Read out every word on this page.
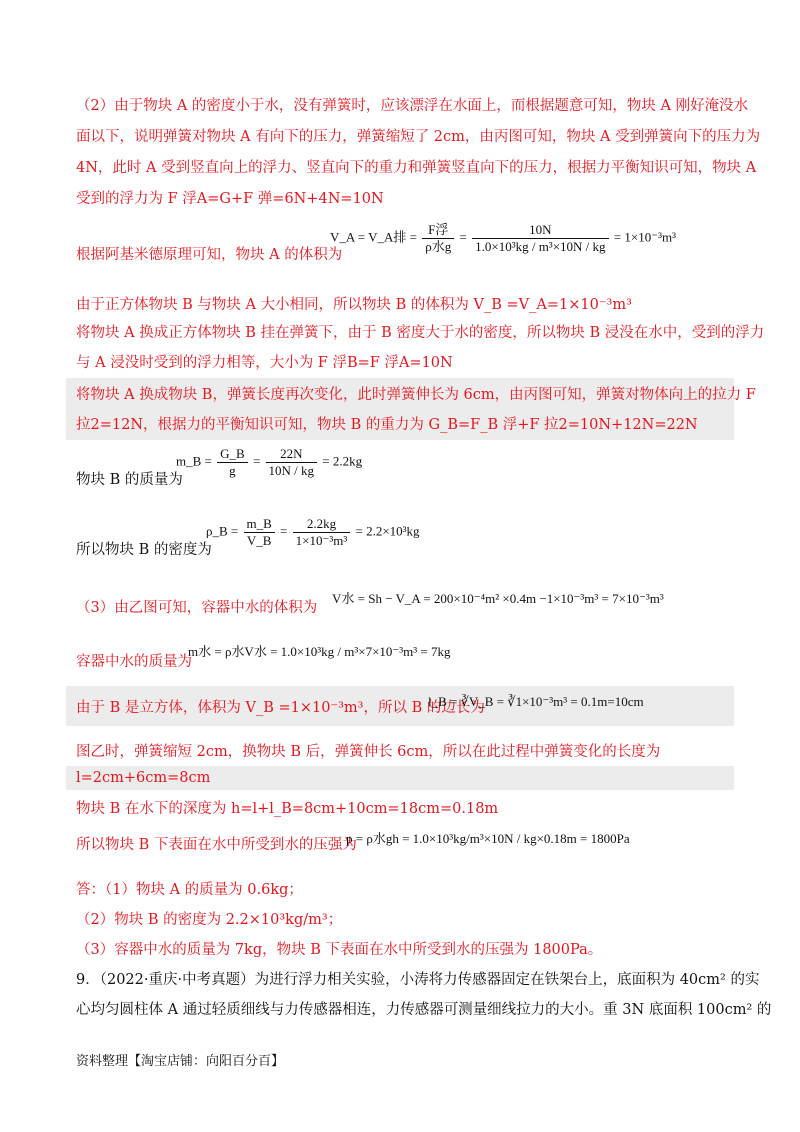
（2）由于物块 A 的密度小于水，没有弹簧时，应该漂浮在水面上，而根据题意可知，物块 A 刚好淹没水
面以下，说明弹簧对物块 A 有向下的压力，弹簧缩短了 2cm，由丙图可知，物块 A 受到弹簧向下的压力为
4N，此时 A 受到竖直向上的浮力、竖直向下的重力和弹簧竖直向下的压力，根据力平衡知识可知，物块 A
受到的浮力为 F 浮A=G+F 弹=6N+4N=10N
根据阿基米德原理可知，物块 A 的体积为
V_A = V_A排 = $\frac{\text{F浮}}{\text{ρ水g}} = \frac{10N}{\text{1.0×10³kg / m³×10N / kg}} = 1\times 10^{-3}m^3$
由于正方体物块 B 与物块 A 大小相同，所以物块 B 的体积为 V_B =V_A=1×10⁻³m³
将物块 A 换成正方体物块 B 挂在弹簧下，由于 B 密度大于水的密度，所以物块 B 浸没在水中，受到的浮力
与 A 浸没时受到的浮力相等，大小为 F 浮B=F 浮A=10N
将物块 A 换成物块 B，弹簧长度再次变化，此时弹簧伸长为 6cm，由丙图可知，弹簧对物体向上的拉力 F
拉2=12N，根据力的平衡知识可知，物块 B 的重力为 G_B=F_B 浮+F 拉2=10N+12N=22N
物块 B 的质量为
m_B = $\frac{G\_B}{g} = \frac{22N}{10N / kg} = 2.2kg$
所以物块 B 的密度为
ρ_B = $\frac{m\_B}{V\_B} = \frac{2.2kg}{\text{1×10⁻³m³}} = 2.2\times 10^3kg$
（3）由乙图可知，容器中水的体积为
V水 = Sh − V_A = 200×10⁻⁴m² ×0.4m −1×10⁻³m³ = 7×10⁻³m³
容器中水的质量为
m水 = ρ水V水 = 1.0×10³kg / m³×7×10⁻³m³ = 7kg
由于 B 是立方体，体积为 V_B =1×10⁻³m³，所以 B 的边长为
l_B = ∛V_B = ∛1×10⁻³m³ = 0.1m=10cm
图乙时，弹簧缩短 2cm，换物块 B 后，弹簧伸长 6cm，所以在此过程中弹簧变化的长度为
l=2cm+6cm=8cm
物块 B 在水下的深度为 h=l+l_B=8cm+10cm=18cm=0.18m
所以物块 B 下表面在水中所受到水的压强为
p = ρ水gh = 1.0×10³kg/m³×10N / kg×0.18m = 1800Pa
答：（1）物块 A 的质量为 0.6kg；
（2）物块 B 的密度为 2.2×10³kg/m³；
（3）容器中水的质量为 7kg，物块 B 下表面在水中所受到水的压强为 1800Pa。
9．（2022·重庆·中考真题）为进行浮力相关实验，小涛将力传感器固定在铁架台上，底面积为 40cm² 的实
心均匀圆柱体 A 通过轻质细线与力传感器相连，力传感器可测量细线拉力的大小。重 3N 底面积 100cm² 的
资料整理【淘宝店铺：向阳百分百】
